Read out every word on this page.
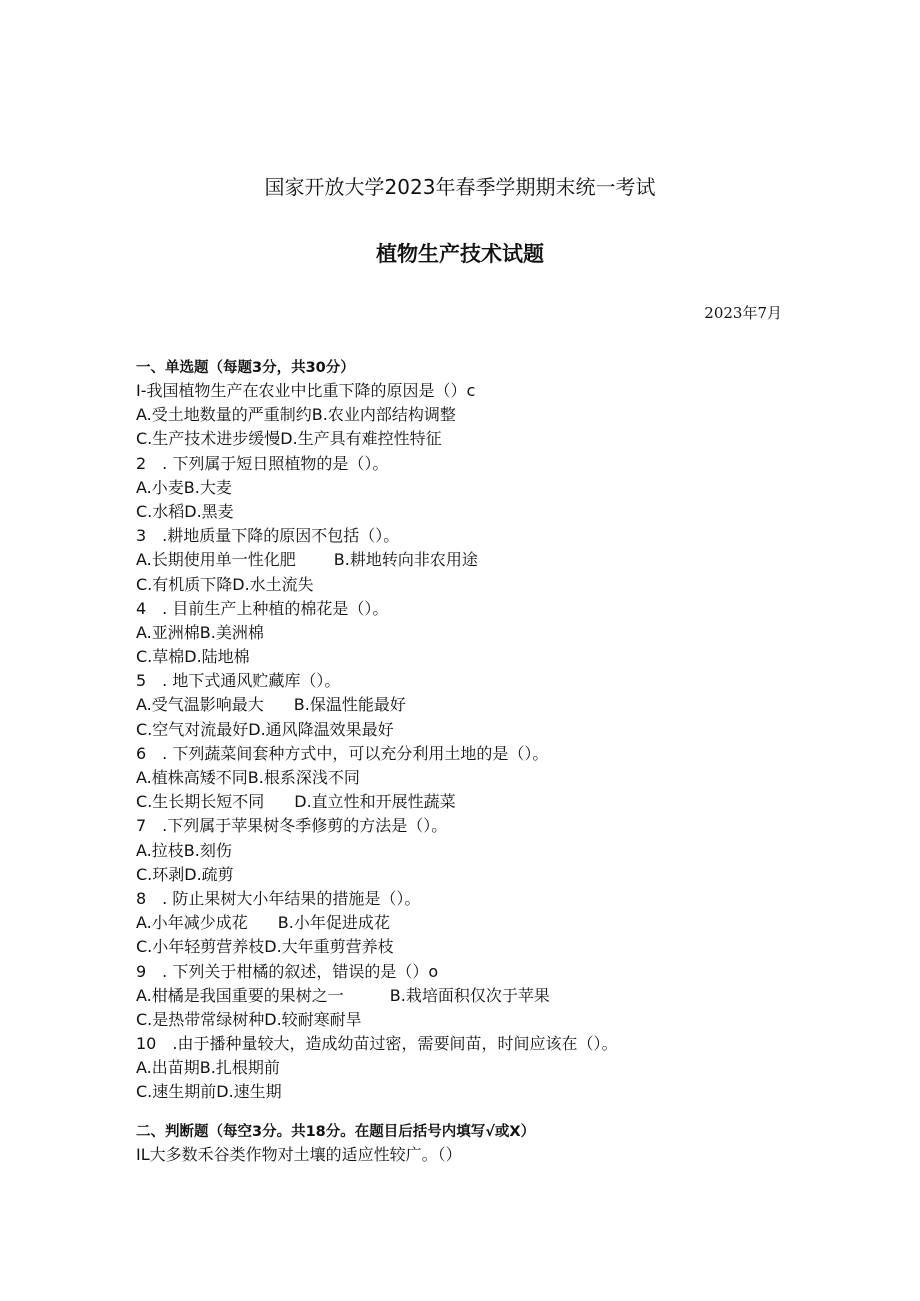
国家开放大学2023年春季学期期末统一考试
植物生产技术试题
2023年7月
一、单选题（每题3分，共30分）
I-我国植物生产在农业中比重下降的原因是（）c
A.受土地数量的严重制约B.农业内部结构调整
C.生产技术进步缓慢D.生产具有难控性特征
2　. 下列属于短日照植物的是（）。
A.小麦B.大麦
C.水稻D.黑麦
3　.耕地质量下降的原因不包括（）。
A.长期使用单一性化肥 B.耕地转向非农用途
C.有机质下降D.水土流失
4　. 目前生产上种植的棉花是（）。
A.亚洲棉B.美洲棉
C.草棉D.陆地棉
5　. 地下式通风贮藏库（）。
A.受气温影响最大 B.保温性能最好
C.空气对流最好D.通风降温效果最好
6　. 下列蔬菜间套种方式中，可以充分利用土地的是（）。
A.植株高矮不同B.根系深浅不同
C.生长期长短不同 D.直立性和开展性蔬菜
7　.下列属于苹果树冬季修剪的方法是（）。
A.拉枝B.刻伤
C.环剥D.疏剪
8　. 防止果树大小年结果的措施是（）。
A.小年减少成花 B.小年促进成花
C.小年轻剪营养枝D.大年重剪营养枝
9　. 下列关于柑橘的叙述，错误的是（）o
A.柑橘是我国重要的果树之一	B.栽培面积仅次于苹果
C.是热带常绿树种D.较耐寒耐旱
10　.由于播种量较大，造成幼苗过密，需要间苗，时间应该在（）。
A.出苗期B.扎根期前
C.速生期前D.速生期
二、判断题（每空3分。共18分。在题目后括号内填写√或X）
IL大多数禾谷类作物对土壤的适应性较广。（）
